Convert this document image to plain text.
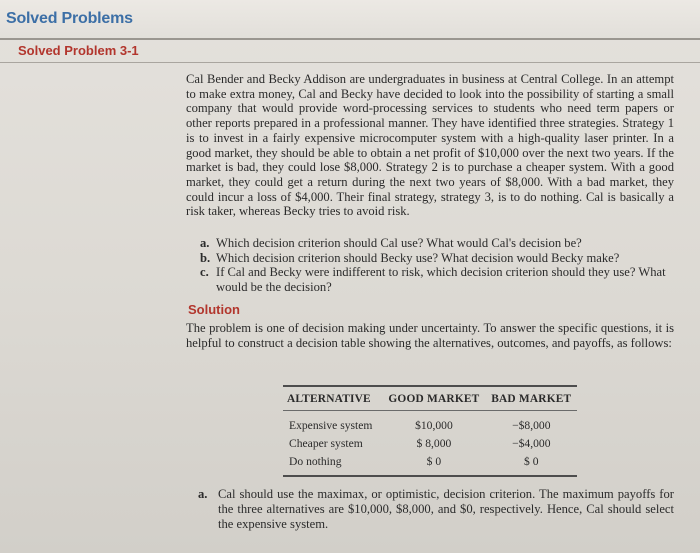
Solved Problems
Solved Problem 3-1
Cal Bender and Becky Addison are undergraduates in business at Central College. In an attempt to make extra money, Cal and Becky have decided to look into the possibility of starting a small company that would provide word-processing services to students who need term papers or other reports prepared in a professional manner. They have identified three strategies. Strategy 1 is to invest in a fairly expensive microcomputer system with a high-quality laser printer. In a good market, they should be able to obtain a net profit of $10,000 over the next two years. If the market is bad, they could lose $8,000. Strategy 2 is to purchase a cheaper system. With a good market, they could get a return during the next two years of $8,000. With a bad market, they could incur a loss of $4,000. Their final strategy, strategy 3, is to do nothing. Cal is basically a risk taker, whereas Becky tries to avoid risk.
a. Which decision criterion should Cal use? What would Cal's decision be?
b. Which decision criterion should Becky use? What decision would Becky make?
c. If Cal and Becky were indifferent to risk, which decision criterion should they use? What would be the decision?
Solution
The problem is one of decision making under uncertainty. To answer the specific questions, it is helpful to construct a decision table showing the alternatives, outcomes, and payoffs, as follows:
ALTERNATIVE	GOOD MARKET	BAD MARKET
Expensive system	$10,000	−$8,000
Cheaper system	$ 8,000	−$4,000
Do nothing	$ 0	$ 0
a. Cal should use the maximax, or optimistic, decision criterion. The maximum payoffs for the three alternatives are $10,000, $8,000, and $0, respectively. Hence, Cal should select the expensive system.
